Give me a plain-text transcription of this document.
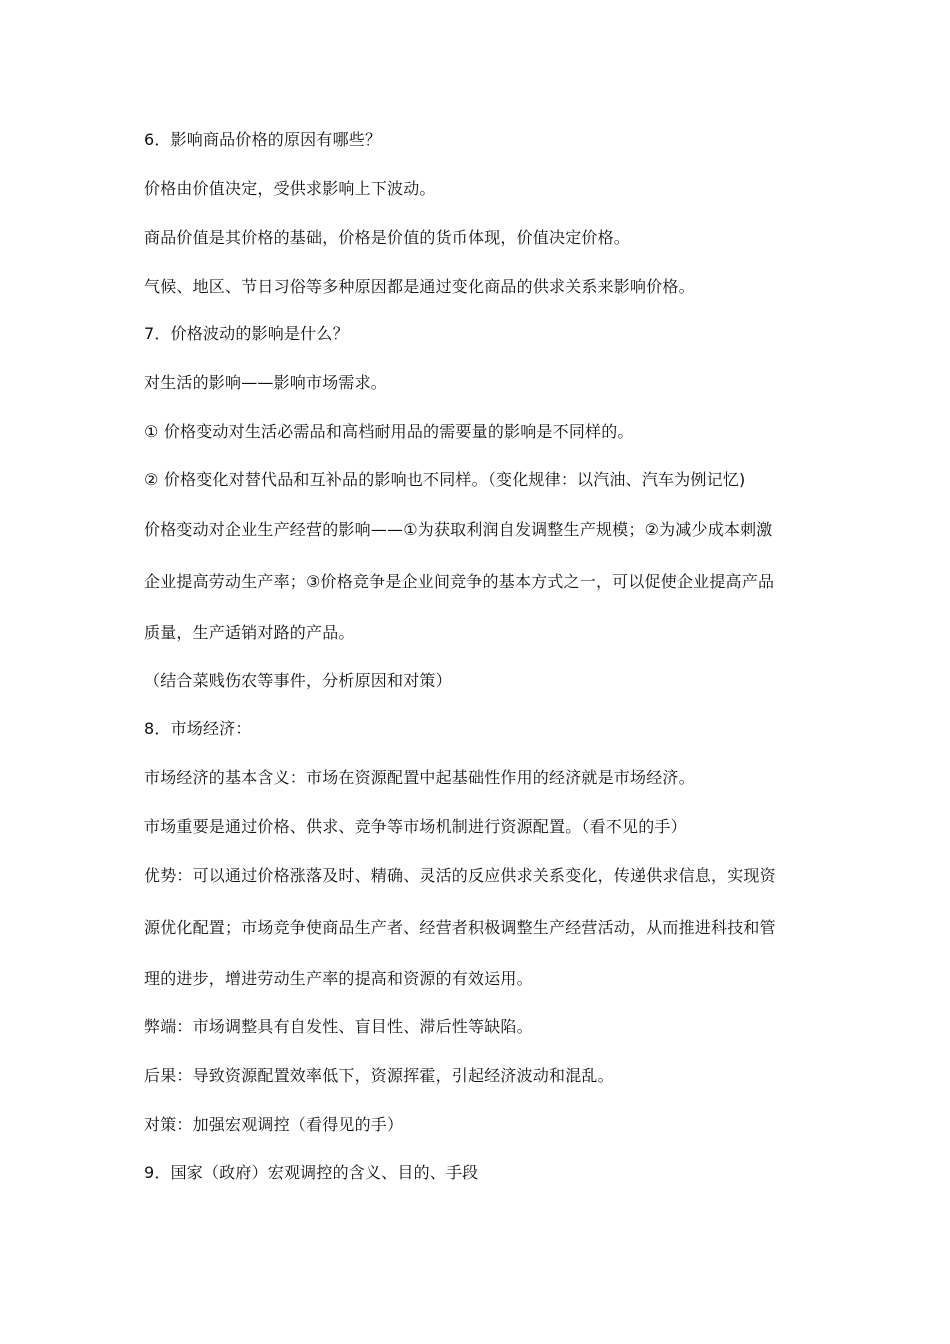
6．影响商品价格的原因有哪些？
价格由价值决定，受供求影响上下波动。
商品价值是其价格的基础，价格是价值的货币体现，价值决定价格。
气候、地区、节日习俗等多种原因都是通过变化商品的供求关系来影响价格。
7．价格波动的影响是什么？
对生活的影响——影响市场需求。
① 价格变动对生活必需品和高档耐用品的需要量的影响是不同样的。
② 价格变化对替代品和互补品的影响也不同样。（变化规律：以汽油、汽车为例记忆)
价格变动对企业生产经营的影响——①为获取利润自发调整生产规模；②为减少成本刺激
企业提高劳动生产率；③价格竞争是企业间竞争的基本方式之一，可以促使企业提高产品
质量，生产适销对路的产品。
（结合菜贱伤农等事件，分析原因和对策）
8．市场经济：
市场经济的基本含义：市场在资源配置中起基础性作用的经济就是市场经济。
市场重要是通过价格、供求、竞争等市场机制进行资源配置。（看不见的手）
优势：可以通过价格涨落及时、精确、灵活的反应供求关系变化，传递供求信息，实现资
源优化配置；市场竞争使商品生产者、经营者积极调整生产经营活动，从而推进科技和管
理的进步，增进劳动生产率的提高和资源的有效运用。
弊端：市场调整具有自发性、盲目性、滞后性等缺陷。
后果：导致资源配置效率低下，资源挥霍，引起经济波动和混乱。
对策：加强宏观调控（看得见的手）
9．国家（政府）宏观调控的含义、目的、手段
